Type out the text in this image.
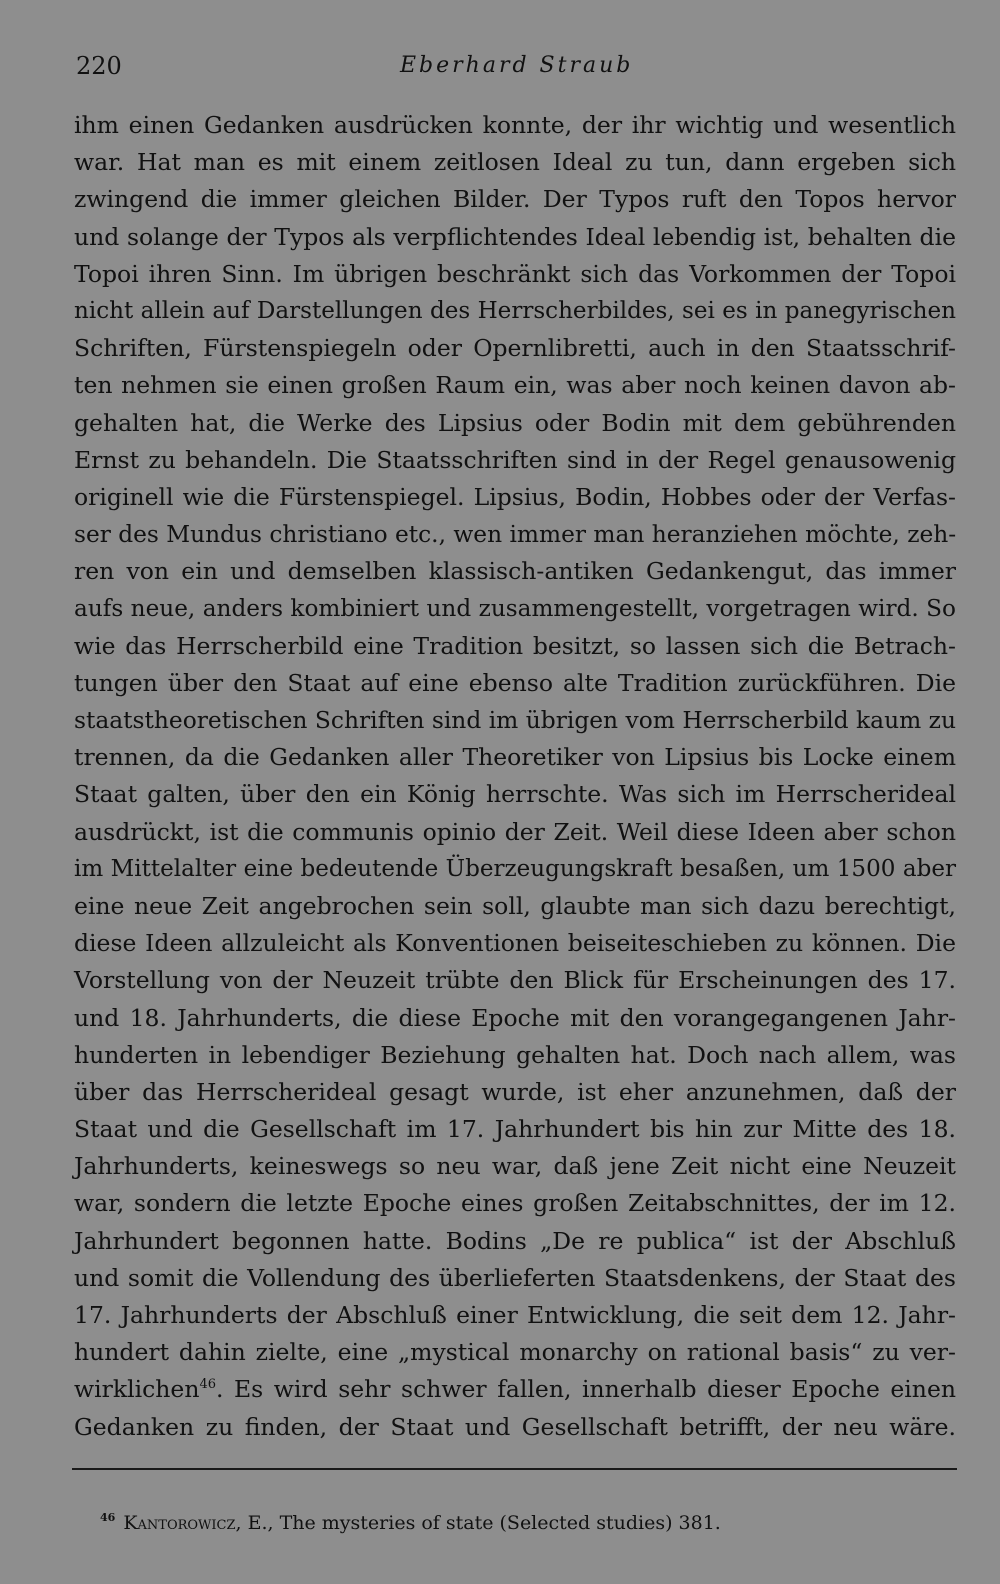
220	Eberhard Straub
ihm einen Gedanken ausdrücken konnte, der ihr wichtig und wesentlich
war. Hat man es mit einem zeitlosen Ideal zu tun, dann ergeben sich
zwingend die immer gleichen Bilder. Der Typos ruft den Topos hervor
und solange der Typos als verpflichtendes Ideal lebendig ist, behalten die
Topoi ihren Sinn. Im übrigen beschränkt sich das Vorkommen der Topoi
nicht allein auf Darstellungen des Herrscherbildes, sei es in panegyrischen
Schriften, Fürstenspiegeln oder Opernlibretti, auch in den Staatsschrif-
ten nehmen sie einen großen Raum ein, was aber noch keinen davon ab-
gehalten hat, die Werke des Lipsius oder Bodin mit dem gebührenden
Ernst zu behandeln. Die Staatsschriften sind in der Regel genausowenig
originell wie die Fürstenspiegel. Lipsius, Bodin, Hobbes oder der Verfas-
ser des Mundus christiano etc., wen immer man heranziehen möchte, zeh-
ren von ein und demselben klassisch-antiken Gedankengut, das immer
aufs neue, anders kombiniert und zusammengestellt, vorgetragen wird. So
wie das Herrscherbild eine Tradition besitzt, so lassen sich die Betrach-
tungen über den Staat auf eine ebenso alte Tradition zurückführen. Die
staatstheoretischen Schriften sind im übrigen vom Herrscherbild kaum zu
trennen, da die Gedanken aller Theoretiker von Lipsius bis Locke einem
Staat galten, über den ein König herrschte. Was sich im Herrscherideal
ausdrückt, ist die communis opinio der Zeit. Weil diese Ideen aber schon
im Mittelalter eine bedeutende Überzeugungskraft besaßen, um 1500 aber
eine neue Zeit angebrochen sein soll, glaubte man sich dazu berechtigt,
diese Ideen allzuleicht als Konventionen beiseiteschieben zu können. Die
Vorstellung von der Neuzeit trübte den Blick für Erscheinungen des 17.
und 18. Jahrhunderts, die diese Epoche mit den vorangegangenen Jahr-
hunderten in lebendiger Beziehung gehalten hat. Doch nach allem, was
über das Herrscherideal gesagt wurde, ist eher anzunehmen, daß der
Staat und die Gesellschaft im 17. Jahrhundert bis hin zur Mitte des 18.
Jahrhunderts, keineswegs so neu war, daß jene Zeit nicht eine Neuzeit
war, sondern die letzte Epoche eines großen Zeitabschnittes, der im 12.
Jahrhundert begonnen hatte. Bodins „De re publica“ ist der Abschluß
und somit die Vollendung des überlieferten Staatsdenkens, der Staat des
17. Jahrhunderts der Abschluß einer Entwicklung, die seit dem 12. Jahr-
hundert dahin zielte, eine „mystical monarchy on rational basis“ zu ver-
wirklichen$^{46}$. Es wird sehr schwer fallen, innerhalb dieser Epoche einen
Gedanken zu finden, der Staat und Gesellschaft betrifft, der neu wäre.
$^{46}$ Kantorowicz, E., The mysteries of state (Selected studies) 381.
